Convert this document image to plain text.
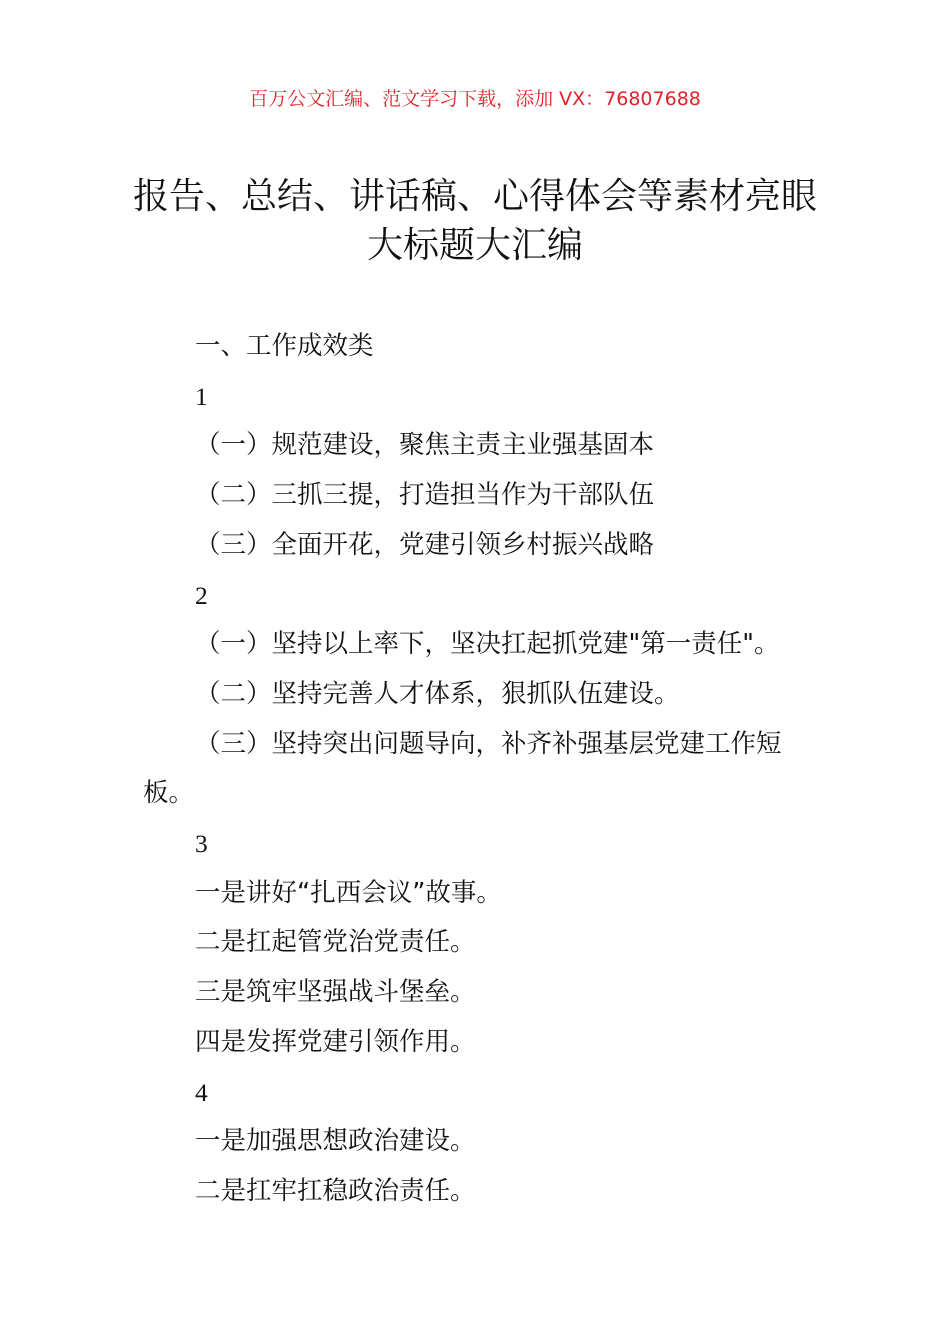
百万公文汇编、范文学习下载，添加 VX：76807688
报告、总结、讲话稿、心得体会等素材亮眼大标题大汇编

一、工作成效类

1

（一）规范建设，聚焦主责主业强基固本

（二）三抓三提，打造担当作为干部队伍

（三）全面开花，党建引领乡村振兴战略

2

（一）坚持以上率下，坚决扛起抓党建"第一责任"。

（二）坚持完善人才体系，狠抓队伍建设。

（三）坚持突出问题导向，补齐补强基层党建工作短板。

3

一是讲好“扎西会议”故事。

二是扛起管党治党责任。

三是筑牢坚强战斗堡垒。

四是发挥党建引领作用。

4

一是加强思想政治建设。

二是扛牢扛稳政治责任。
